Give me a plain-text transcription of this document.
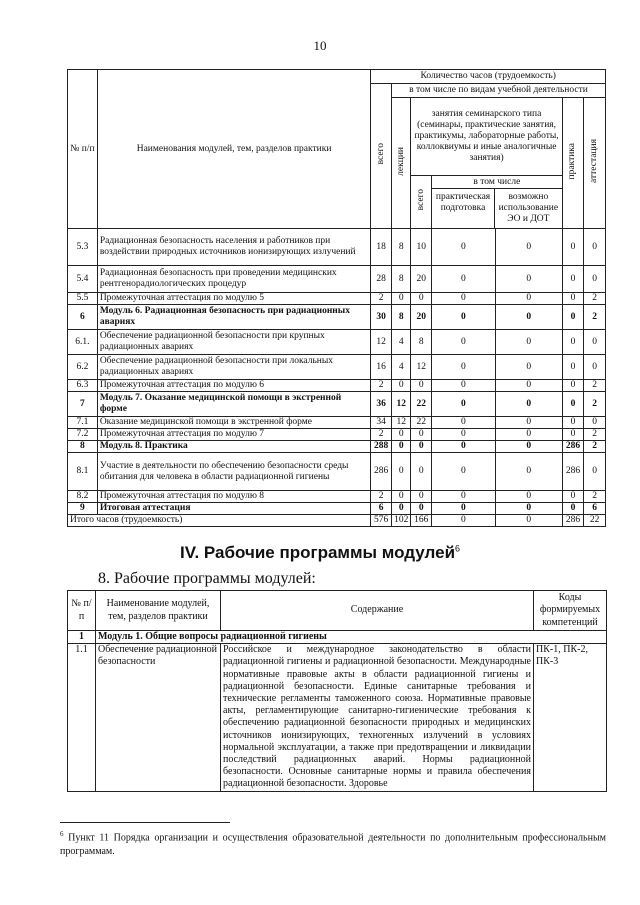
10
№ п/п	Наименования модулей, тем, разделов практики	Количество часов (трудоемкость)						
		всего	в том числе по видам учебной деятельности					
			лекции	занятия семинарского типа (семинары, практические занятия, практикумы, лабораторные работы, коллоквиумы и иные аналогичные занятия)			практика	аттестация
				всего	в том числе
практическая подготовка
возможно использование ЭО и ДОТ			

5.3	Радиационная безопасность населения и работников при воздействии природных источников ионизирующих излучений	18	8	10	0	0	0	0
5.4	Радиационная безопасность при проведении медицинских рентгенорадиологических процедур	28	8	20	0	0	0	0
5.5	Промежуточная аттестация по модулю 5	2	0	0	0	0	0	2
6	Модуль 6. Радиационная безопасность при радиационных авариях	30	8	20	0	0	0	2
6.1.	Обеспечение радиационной безопасности при крупных радиационных авариях	12	4	8	0	0	0	0
6.2	Обеспечение радиационной безопасности при локальных радиационных авариях	16	4	12	0	0	0	0
6.3	Промежуточная аттестация по модулю 6	2	0	0	0	0	0	2
7	Модуль 7. Оказание медицинской помощи в экстренной форме	36	12	22	0	0	0	2
7.1	Оказание медицинской помощи в экстренной форме	34	12	22	0	0	0	0
7.2	Промежуточная аттестация по модулю 7	2	0	0	0	0	0	2
8	Модуль 8. Практика	288	0	0	0	0	286	2
8.1	Участие в деятельности по обеспечению безопасности среды обитания для человека в области радиационной гигиены	286	0	0	0	0	286	0
8.2	Промежуточная аттестация по модулю 8	2	0	0	0	0	0	2
9	Итоговая аттестация	6	0	0	0	0	0	6
Итого часов (трудоемкость)		576	102	166	0	0	286	22
IV. Рабочие программы модулей$^6$
8. Рабочие программы модулей:
№ п/п	Наименование модулей, тем, разделов практики	Содержание	Коды формируемых компетенций
1	Модуль 1. Общие вопросы радиационной гигиены		
1.1	Обеспечение радиационной безопасности	Российское и международное законодательство в области радиационной гигиены и радиационной безопасности. Международные нормативные правовые акты в области радиационной гигиены и радиационной безопасности. Единые санитарные требования и технические регламенты таможенного союза. Нормативные правовые акты, регламентирующие санитарно-гигиенические требования к обеспечению радиационной безопасности природных и медицинских источников ионизирующих, техногенных излучений в условиях нормальной эксплуатации, а также при предотвращении и ликвидации последствий радиационных аварий. Нормы радиационной безопасности. Основные санитарные нормы и правила обеспечения радиационной безопасности. Здоровье	ПК-1, ПК-2, ПК-3
$^6$ Пункт 11 Порядка организации и осуществления образовательной деятельности по дополнительным профессиональным программам.
